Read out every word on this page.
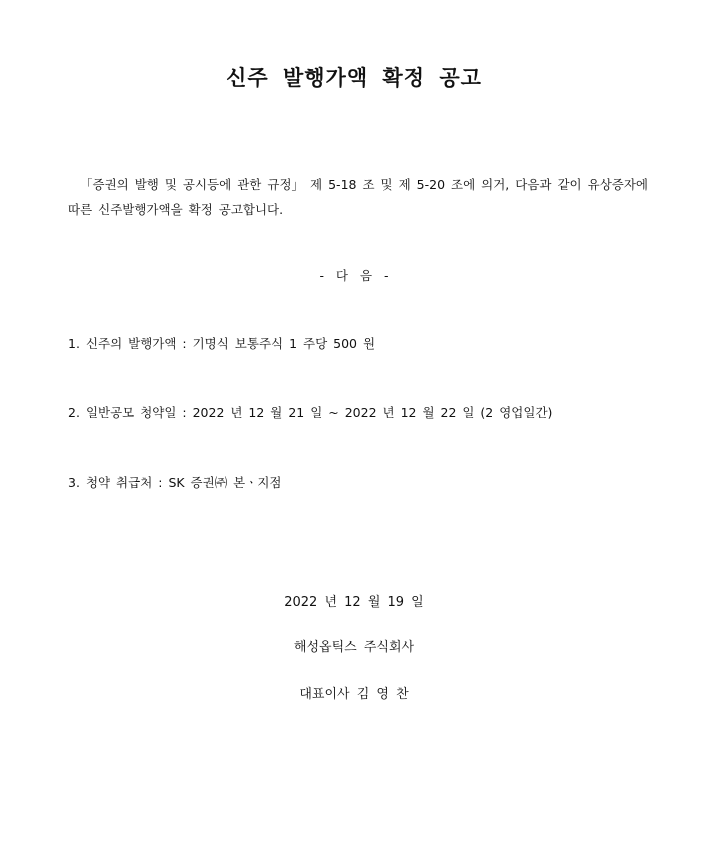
신주 발행가액 확정 공고
「증권의 발행 및 공시등에 관한 규정」 제 5-18 조 및 제 5-20 조에 의거, 다음과 같이 유상증자에 따른 신주발행가액을 확정 공고합니다.
- 다 음 -
1. 신주의 발행가액 : 기명식 보통주식 1 주당 500 원
2. 일반공모 청약일 : 2022 년 12 월 21 일 ~ 2022 년 12 월 22 일 (2 영업일간)
3. 청약 취급처 : SK 증권㈜ 본ㆍ지점
2022 년 12 월 19 일
해성옵틱스 주식회사
대표이사 김 영 찬
